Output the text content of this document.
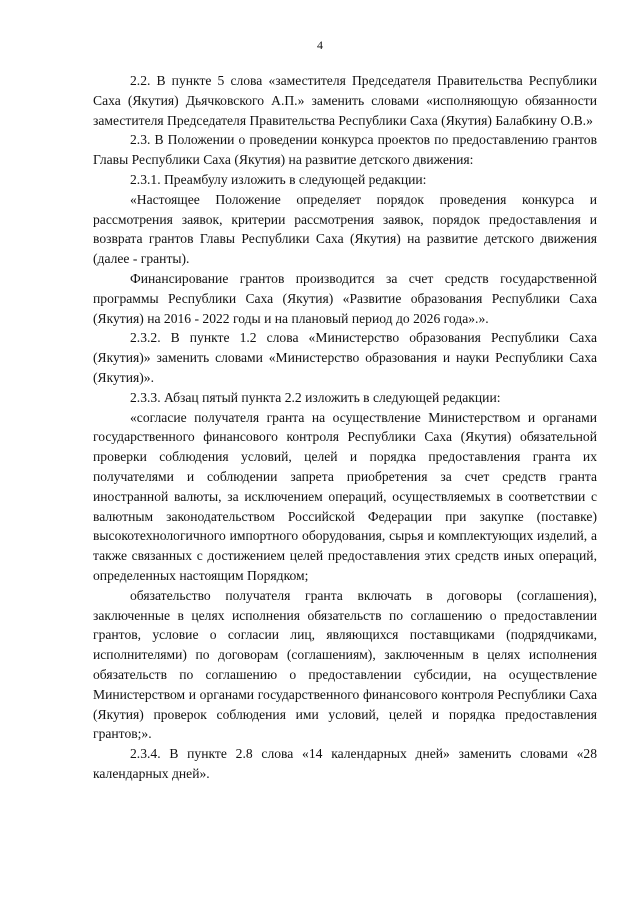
4

2.2. В пункте 5 слова «заместителя Председателя Правительства Республики Саха (Якутия) Дьячковского А.П.» заменить словами «исполняющую обязанности заместителя Председателя Правительства Республики Саха (Якутия) Балабкину О.В.»

2.3. В Положении о проведении конкурса проектов по предоставлению грантов Главы Республики Саха (Якутия) на развитие детского движения:

2.3.1. Преамбулу изложить в следующей редакции:

«Настоящее Положение определяет порядок проведения конкурса и рассмотрения заявок, критерии рассмотрения заявок, порядок предоставления и возврата грантов Главы Республики Саха (Якутия) на развитие детского движения (далее - гранты).

Финансирование грантов производится за счет средств государственной программы Республики Саха (Якутия) «Развитие образования Республики Саха (Якутия) на 2016 - 2022 годы и на плановый период до 2026 года».».

2.3.2. В пункте 1.2 слова «Министерство образования Республики Саха (Якутия)» заменить словами «Министерство образования и науки Республики Саха (Якутия)».

2.3.3. Абзац пятый пункта 2.2 изложить в следующей редакции:

«согласие получателя гранта на осуществление Министерством и органами государственного финансового контроля Республики Саха (Якутия) обязательной проверки соблюдения условий, целей и порядка предоставления гранта их получателями и соблюдении запрета приобретения за счет средств гранта иностранной валюты, за исключением операций, осуществляемых в соответствии с валютным законодательством Российской Федерации при закупке (поставке) высокотехнологичного импортного оборудования, сырья и комплектующих изделий, а также связанных с достижением целей предоставления этих средств иных операций, определенных настоящим Порядком;

обязательство получателя гранта включать в договоры (соглашения), заключенные в целях исполнения обязательств по соглашению о предоставлении грантов, условие о согласии лиц, являющихся поставщиками (подрядчиками, исполнителями) по договорам (соглашениям), заключенным в целях исполнения обязательств по соглашению о предоставлении субсидии, на осуществление Министерством и органами государственного финансового контроля Республики Саха (Якутия) проверок соблюдения ими условий, целей и порядка предоставления грантов;».

2.3.4. В пункте 2.8 слова «14 календарных дней» заменить словами «28 календарных дней».
